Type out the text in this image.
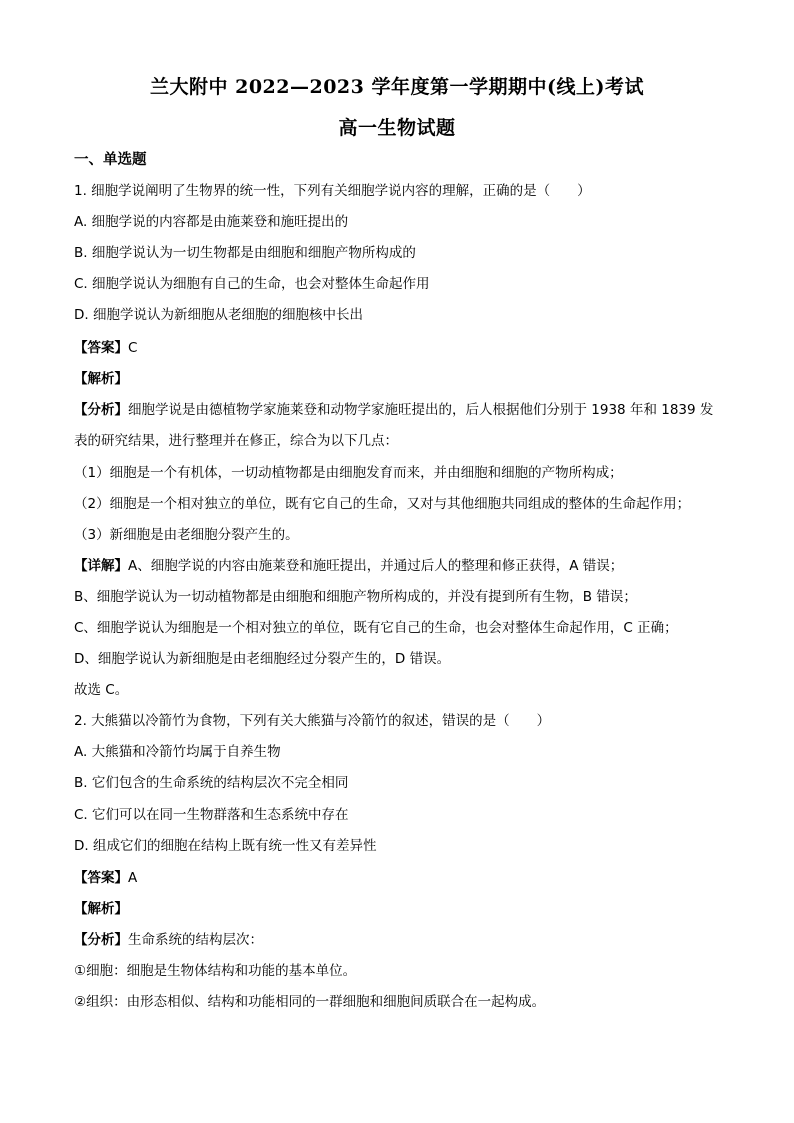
兰大附中 2022—2023 学年度第一学期期中(线上)考试
高一生物试题
一、单选题
1. 细胞学说阐明了生物界的统一性，下列有关细胞学说内容的理解，正确的是（　　）
A. 细胞学说的内容都是由施莱登和施旺提出的
B. 细胞学说认为一切生物都是由细胞和细胞产物所构成的
C. 细胞学说认为细胞有自己的生命，也会对整体生命起作用
D. 细胞学说认为新细胞从老细胞的细胞核中长出
【答案】C
【解析】
【分析】细胞学说是由德植物学家施莱登和动物学家施旺提出的，后人根据他们分别于 1938 年和 1839 发
表的研究结果，进行整理并在修正，综合为以下几点：
（1）细胞是一个有机体，一切动植物都是由细胞发育而来，并由细胞和细胞的产物所构成；
（2）细胞是一个相对独立的单位，既有它自己的生命，又对与其他细胞共同组成的整体的生命起作用；
（3）新细胞是由老细胞分裂产生的。
【详解】A、细胞学说的内容由施莱登和施旺提出，并通过后人的整理和修正获得，A 错误；
B、细胞学说认为一切动植物都是由细胞和细胞产物所构成的，并没有提到所有生物，B 错误；
C、细胞学说认为细胞是一个相对独立的单位，既有它自己的生命，也会对整体生命起作用，C 正确；
D、细胞学说认为新细胞是由老细胞经过分裂产生的，D 错误。
故选 C。
2. 大熊猫以冷箭竹为食物，下列有关大熊猫与冷箭竹的叙述，错误的是（　　）
A. 大熊猫和冷箭竹均属于自养生物
B. 它们包含的生命系统的结构层次不完全相同
C. 它们可以在同一生物群落和生态系统中存在
D. 组成它们的细胞在结构上既有统一性又有差异性
【答案】A
【解析】
【分析】生命系统的结构层次：
①细胞：细胞是生物体结构和功能的基本单位。
②组织：由形态相似、结构和功能相同的一群细胞和细胞间质联合在一起构成。
